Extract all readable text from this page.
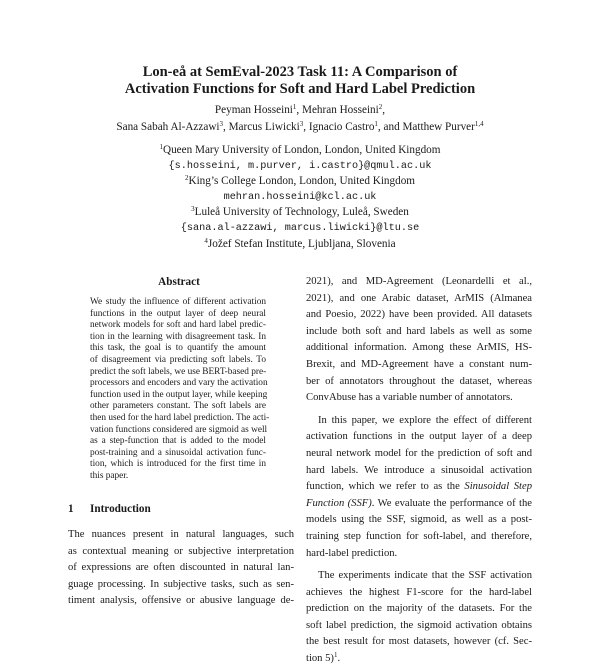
Lon-eå at SemEval-2023 Task 11: A Comparison of
Activation Functions for Soft and Hard Label Prediction
Peyman Hosseini$^1$, Mehran Hosseini$^2$,
Sana Sabah Al-Azzawi$^3$, Marcus Liwicki$^3$, Ignacio Castro$^1$, and Matthew Purver$^{1,4}$
$^1$Queen Mary University of London, London, United Kingdom
{s.hosseini, m.purver, i.castro}@qmul.ac.uk
$^2$King’s College London, London, United Kingdom
mehran.hosseini@kcl.ac.uk
$^3$Luleå University of Technology, Luleå, Sweden
{sana.al-azzawi, marcus.liwicki}@ltu.se
$^4$Jožef Stefan Institute, Ljubljana, Slovenia
Abstract
We study the influence of different activation
functions in the output layer of deep neural
network models for soft and hard label predic-
tion in the learning with disagreement task. In
this task, the goal is to quantify the amount
of disagreement via predicting soft labels. To
predict the soft labels, we use BERT-based pre-
processors and encoders and vary the activation
function used in the output layer, while keeping
other parameters constant. The soft labels are
then used for the hard label prediction. The acti-
vation functions considered are sigmoid as well
as a step-function that is added to the model
post-training and a sinusoidal activation func-
tion, which is introduced for the first time in
this paper.
1 Introduction
The nuances present in natural languages, such
as contextual meaning or subjective interpretation
of expressions are often discounted in natural lan-
guage processing. In subjective tasks, such as sen-
timent analysis, offensive or abusive language de-
2021), and MD-Agreement (Leonardelli et al.,
2021), and one Arabic dataset, ArMIS (Almanea
and Poesio, 2022) have been provided. All datasets
include both soft and hard labels as well as some
additional information. Among these ArMIS, HS-
Brexit, and MD-Agreement have a constant num-
ber of annotators throughout the dataset, whereas
ConvAbuse has a variable number of annotators.
In this paper, we explore the effect of different
activation functions in the output layer of a deep
neural network model for the prediction of soft and
hard labels. We introduce a sinusoidal activation
function, which we refer to as the Sinusoidal Step
Function (SSF). We evaluate the performance of the
models using the SSF, sigmoid, as well as a post-
training step function for soft-label, and therefore,
hard-label prediction.
The experiments indicate that the SSF activation
achieves the highest F1-score for the hard-label
prediction on the majority of the datasets. For the
soft label prediction, the sigmoid activation obtains
the best result for most datasets, however (cf. Sec-
tion 5)$^1$.
